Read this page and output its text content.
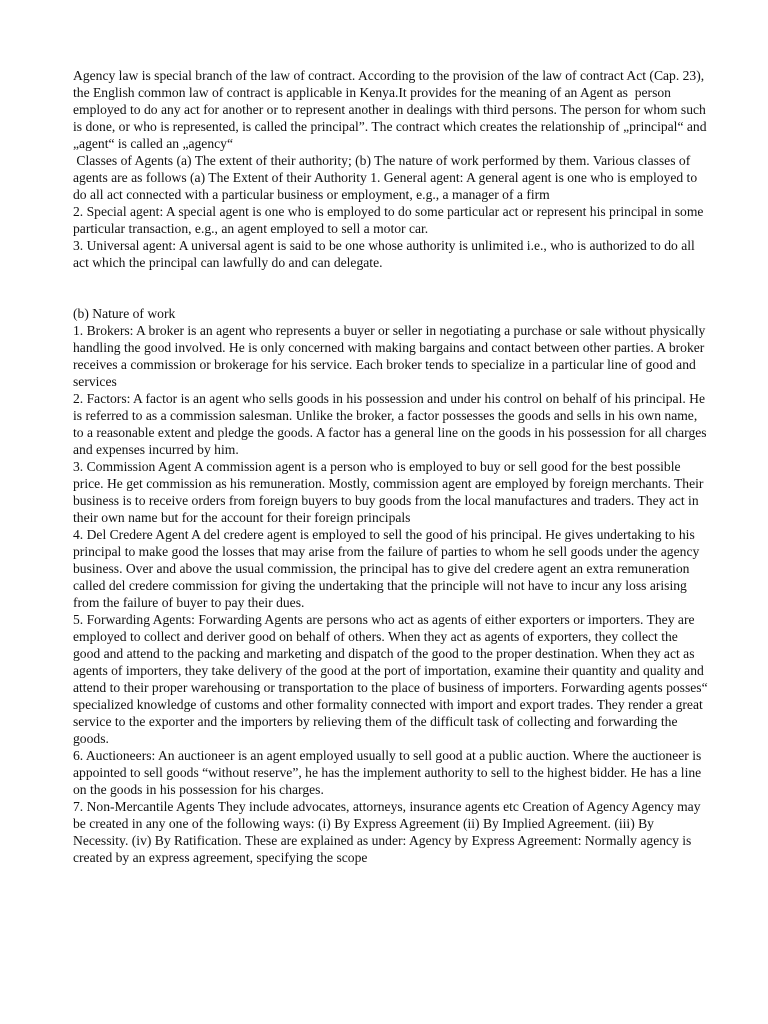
Agency law is special branch of the law of contract. According to the provision of the law of contract Act (Cap. 23), the English common law of contract is applicable in Kenya.It provides for the meaning of an Agent as  person employed to do any act for another or to represent another in dealings with third persons. The person for whom such is done, or who is represented, is called the principal”. The contract which creates the relationship of „principal“ and „agent“ is called an „agency“

Classes of Agents (a) The extent of their authority; (b) The nature of work performed by them. Various classes of agents are as follows (a) The Extent of their Authority 1. General agent: A general agent is one who is employed to do all act connected with a particular business or employment, e.g., a manager of a firm

2. Special agent: A special agent is one who is employed to do some particular act or represent his principal in some particular transaction, e.g., an agent employed to sell a motor car.

3. Universal agent: A universal agent is said to be one whose authority is unlimited i.e., who is authorized to do all act which the principal can lawfully do and can delegate.

(b) Nature of work

1. Brokers: A broker is an agent who represents a buyer or seller in negotiating a purchase or sale without physically handling the good involved. He is only concerned with making bargains and contact between other parties. A broker receives a commission or brokerage for his service. Each broker tends to specialize in a particular line of good and services

2. Factors: A factor is an agent who sells goods in his possession and under his control on behalf of his principal. He is referred to as a commission salesman. Unlike the broker, a factor possesses the goods and sells in his own name, to a reasonable extent and pledge the goods. A factor has a general line on the goods in his possession for all charges and expenses incurred by him.

3. Commission Agent A commission agent is a person who is employed to buy or sell good for the best possible price. He get commission as his remuneration. Mostly, commission agent are employed by foreign merchants. Their business is to receive orders from foreign buyers to buy goods from the local manufactures and traders. They act in their own name but for the account for their foreign principals

4. Del Credere Agent A del credere agent is employed to sell the good of his principal. He gives undertaking to his principal to make good the losses that may arise from the failure of parties to whom he sell goods under the agency business. Over and above the usual commission, the principal has to give del credere agent an extra remuneration called del credere commission for giving the undertaking that the principle will not have to incur any loss arising from the failure of buyer to pay their dues.

5. Forwarding Agents: Forwarding Agents are persons who act as agents of either exporters or importers. They are employed to collect and deriver good on behalf of others. When they act as agents of exporters, they collect the good and attend to the packing and marketing and dispatch of the good to the proper destination. When they act as agents of importers, they take delivery of the good at the port of importation, examine their quantity and quality and attend to their proper warehousing or transportation to the place of business of importers. Forwarding agents posses“ specialized knowledge of customs and other formality connected with import and export trades. They render a great service to the exporter and the importers by relieving them of the difficult task of collecting and forwarding the goods.

6. Auctioneers: An auctioneer is an agent employed usually to sell good at a public auction. Where the auctioneer is appointed to sell goods “without reserve”, he has the implement authority to sell to the highest bidder. He has a line on the goods in his possession for his charges.

7. Non-Mercantile Agents They include advocates, attorneys, insurance agents etc Creation of Agency Agency may be created in any one of the following ways: (i) By Express Agreement (ii) By Implied Agreement. (iii) By Necessity. (iv) By Ratification. These are explained as under: Agency by Express Agreement: Normally agency is created by an express agreement, specifying the scope
